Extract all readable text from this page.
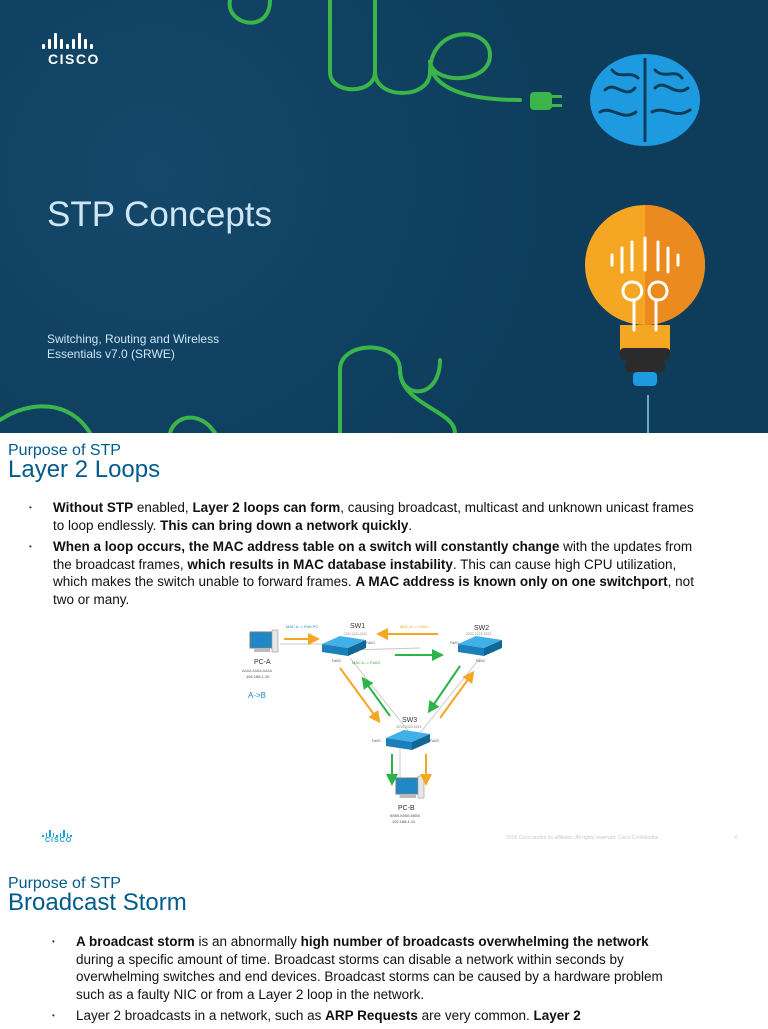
CISCO
STP Concepts
Switching, Routing and Wireless Essentials v7.0 (SRWE)
Purpose of STP
Layer 2 Loops
• Without STP enabled, Layer 2 loops can form, causing broadcast, multicast and unknown unicast frames to loop endlessly. This can bring down a network quickly.
• When a loop occurs, the MAC address table on a switch will constantly change with the updates from the broadcast frames, which results in MAC database instability. This can cause high CPU utilization, which makes the switch unable to forward frames. A MAC address is known only on one switchport, not two or many.
SW1
1111.1111.1111
SW2
2222.2222.2222
SW3
3333.3333.3333
PC-A
AAAA.AAAA.AAAA
192.168.1.10
A->B
PC-B
BBBB.BBBB.BBBB
192.168.1.11
MAC A -> Port PC	MAC A -> Fa0/1
MAC A -> Fa0/2
Fa0/1
Fa0/2
Fa0/1
Fa0/2
Fa0/1	Fa0/2
CISCO	2016 Cisco and/or its affiliates. All rights reserved. Cisco Confidential	6
Purpose of STP
Broadcast Storm
• A broadcast storm is an abnormally high number of broadcasts overwhelming the network during a specific amount of time. Broadcast storms can disable a network within seconds by overwhelming switches and end devices. Broadcast storms can be caused by a hardware problem such as a faulty NIC or from a Layer 2 loop in the network.
• Layer 2 broadcasts in a network, such as ARP Requests are very common. Layer 2
